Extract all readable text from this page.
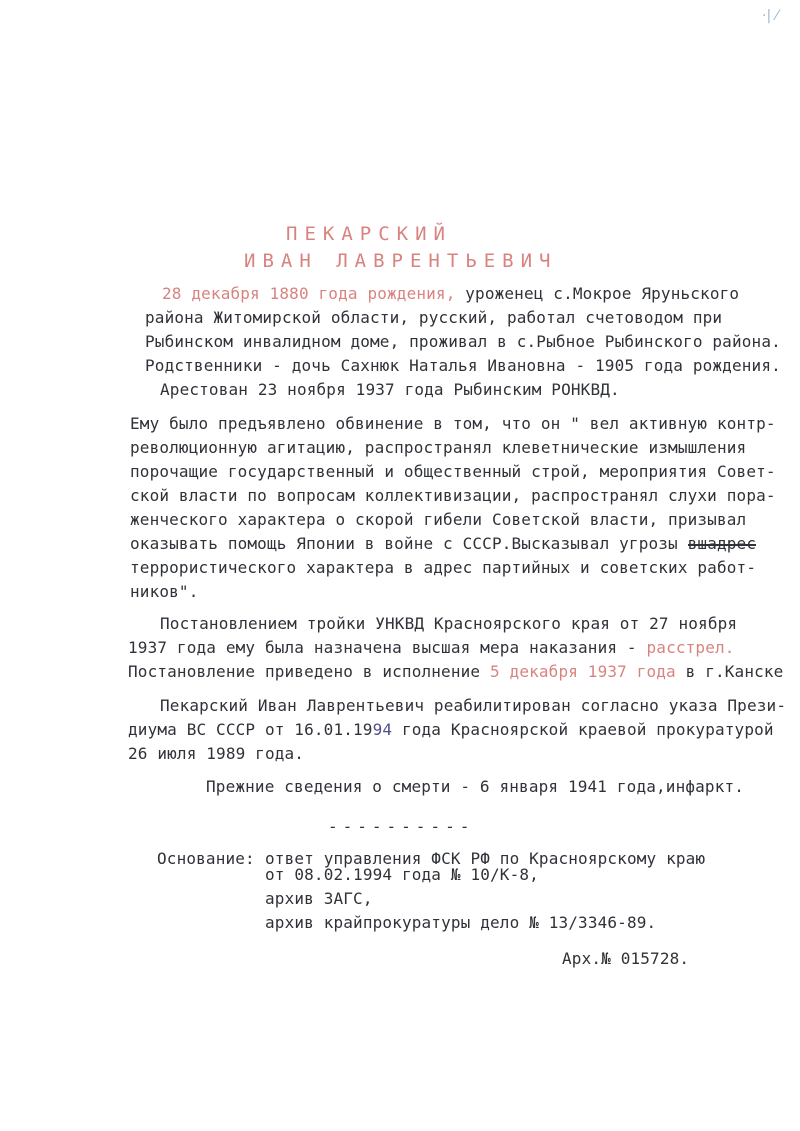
·| ⁄
ПЕКАРСКИЙ
ИВАН ЛАВРЕНТЬЕВИЧ
28 декабря 1880 года рождения, уроженец с.Мокрое Яруньского
района Житомирской области, русский, работал счетоводом при
Рыбинском инвалидном доме, проживал в с.Рыбное Рыбинского района.
Родственники - дочь Сахнюк Наталья Ивановна - 1905 года рождения.
Арестован 23 ноября 1937 года Рыбинским РОНКВД.
Ему было предъявлено обвинение в том, что он " вел активную контр-
революционную агитацию, распространял клеветнические измышления
порочащие государственный и общественный строй, мероприятия Совет-
ской власти по вопросам коллективизации, распространял слухи пора-
женческого характера о скорой гибели Советской власти, призывал
оказывать помощь Японии в войне с СССР.Высказывал угрозы вшадрес
террористического характера в адрес партийных и советских работ-
ников".
Постановлением тройки УНКВД Красноярского края от 27 ноября
1937 года ему была назначена высшая мера наказания - расстрел.
Постановление приведено в исполнение 5 декабря 1937 года в г.Канске
Пекарский Иван Лаврентьевич реабилитирован согласно указа Прези-
диума ВС СССР от 16.01.1994 года Красноярской краевой прокуратурой
26 июля 1989 года.
Прежние сведения о смерти - 6 января 1941 года,инфаркт.
----------
Основание: ответ управления ФСК РФ по Красноярскому краю
от 08.02.1994 года № 10/К-8,
архив ЗАГС,
архив крайпрокуратуры дело № 13/3346-89.
Арх.№ 015728.
